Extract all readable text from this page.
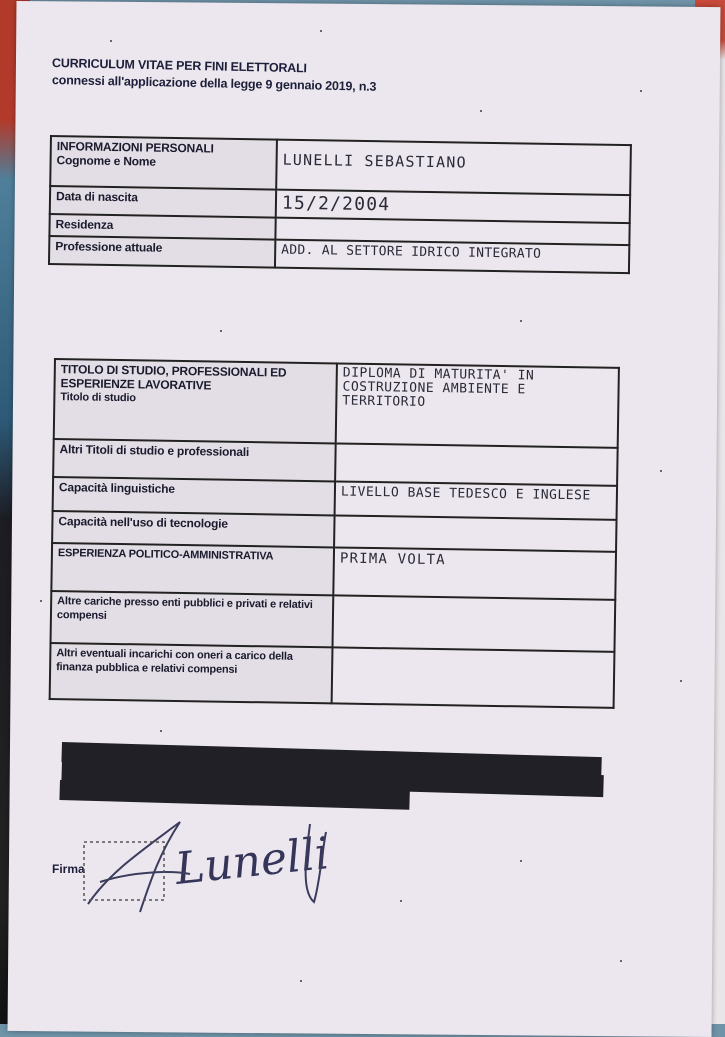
CURRICULUM VITAE PER FINI ELETTORALI
connessi all'applicazione della legge 9 gennaio 2019, n.3
INFORMAZIONI PERSONALI
Cognome e Nome	LUNELLI SEBASTIANO
Data di nascita	15/2/2004
Residenza	
Professione attuale	ADD. AL SETTORE IDRICO INTEGRATO
TITOLO DI STUDIO, PROFESSIONALI ED
ESPERIENZE LAVORATIVE
Titolo di studio	DIPLOMA DI MATURITA' IN COSTRUZIONE AMBIENTE E TERRITORIO
Altri Titoli di studio e professionali	
Capacità linguistiche	LIVELLO BASE TEDESCO E INGLESE
Capacità nell'uso di tecnologie	
ESPERIENZA POLITICO-AMMINISTRATIVA	PRIMA VOLTA
Altre cariche presso enti pubblici e privati e relativi compensi	
Altri eventuali incarichi con oneri a carico della finanza pubblica e relativi compensi	
Firma Lunelli
